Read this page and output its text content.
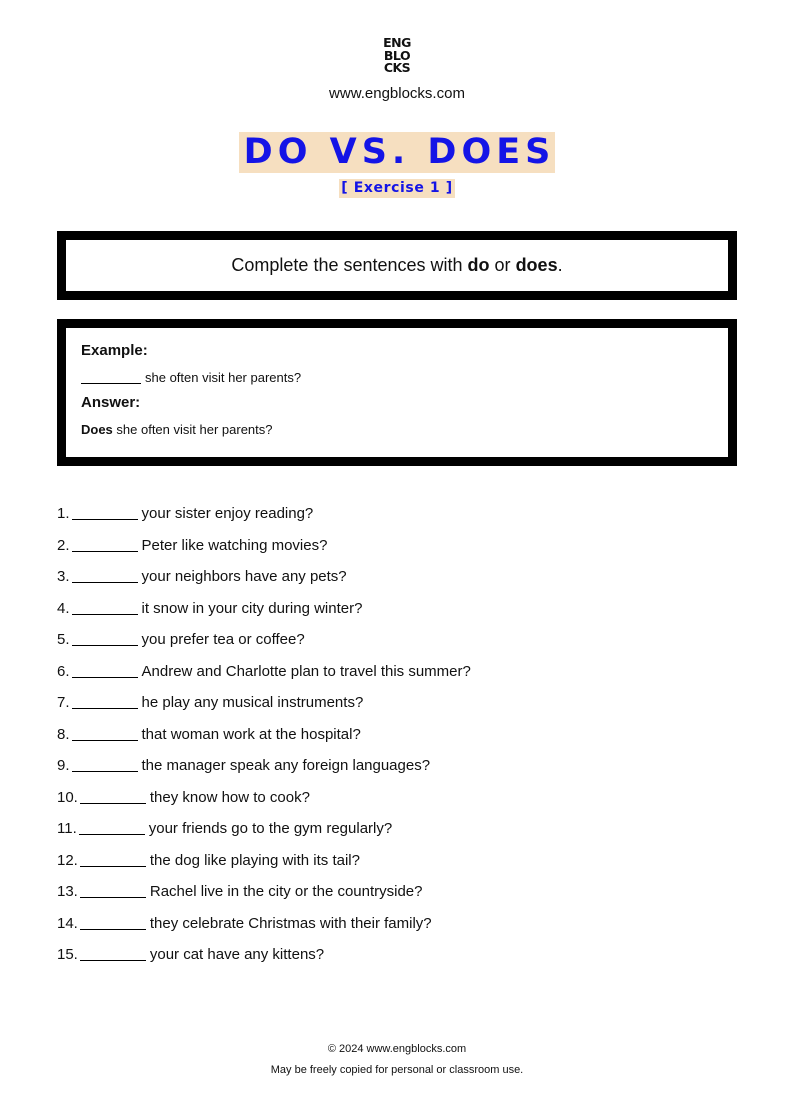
ENG
BLO
CKS
www.engblocks.com
DO VS. DOES
[ Exercise 1 ]
Complete the sentences with do or does.
Example:
she often visit her parents?
Answer:
Does she often visit her parents?
1.	your sister enjoy reading?
2.	Peter like watching movies?
3.	your neighbors have any pets?
4.	it snow in your city during winter?
5.	you prefer tea or coffee?
6.	Andrew and Charlotte plan to travel this summer?
7.	he play any musical instruments?
8.	that woman work at the hospital?
9.	the manager speak any foreign languages?
10.	they know how to cook?
11.	your friends go to the gym regularly?
12.	the dog like playing with its tail?
13.	Rachel live in the city or the countryside?
14.	they celebrate Christmas with their family?
15.	your cat have any kittens?
© 2024 www.engblocks.com
May be freely copied for personal or classroom use.
